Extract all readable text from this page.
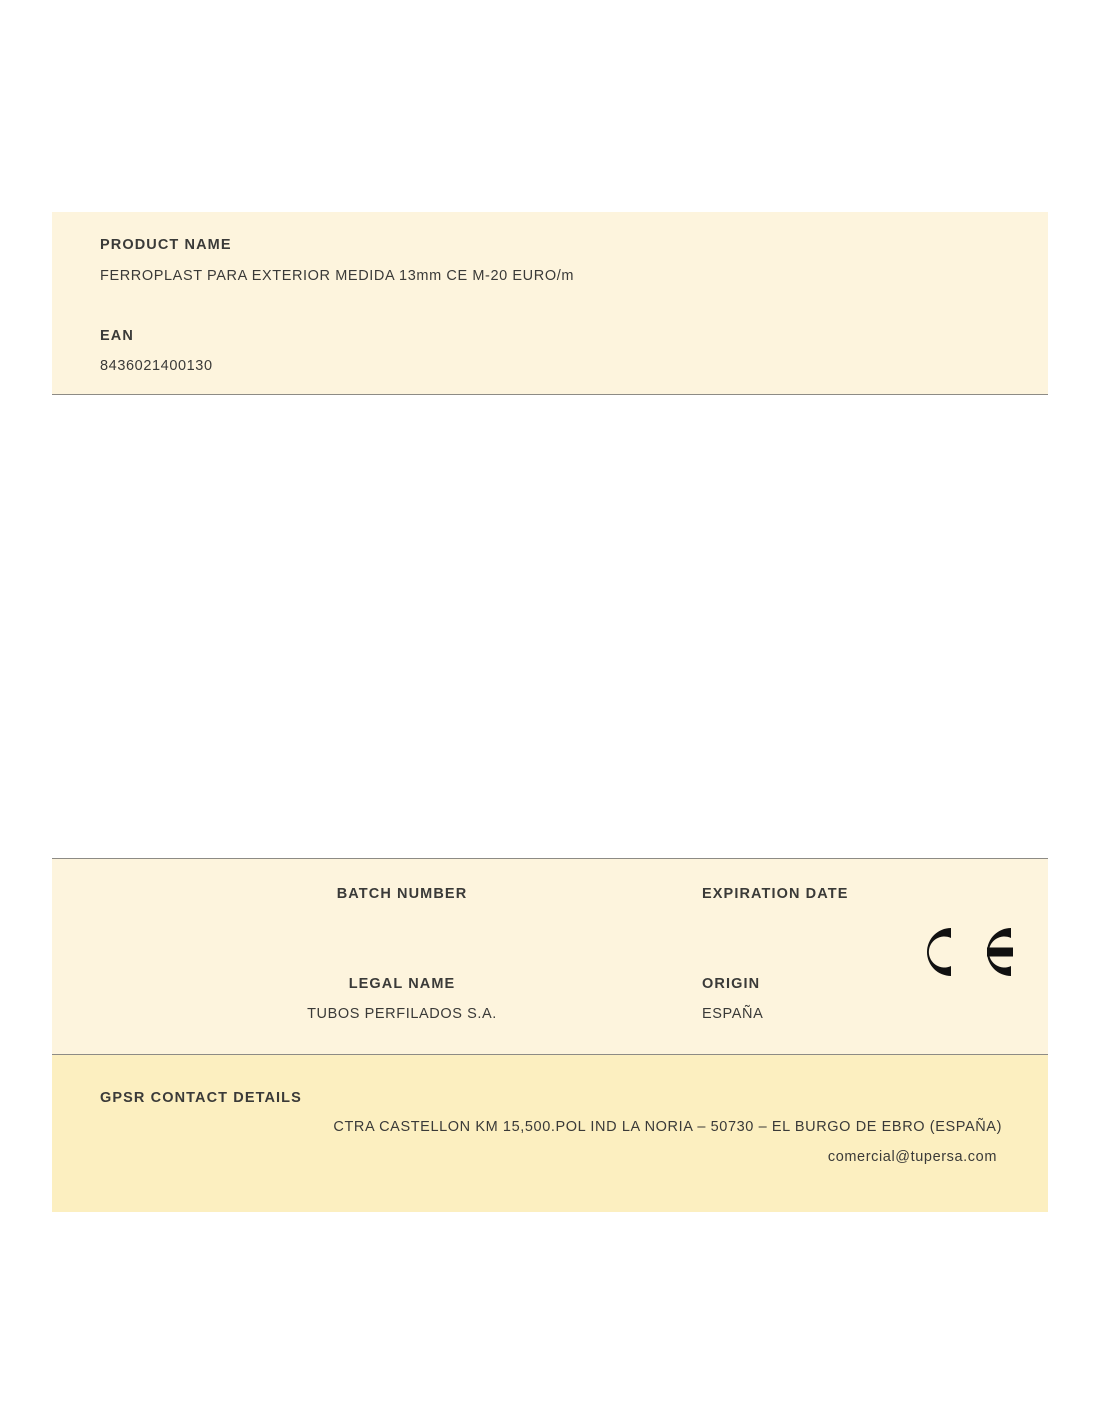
PRODUCT NAME
FERROPLAST PARA EXTERIOR MEDIDA 13mm CE M-20 EURO/m
EAN
8436021400130
BATCH NUMBER	EXPIRATION DATE
LEGAL NAME
TUBOS PERFILADOS S.A.
ORIGIN
ESPAÑA
GPSR CONTACT DETAILS
CTRA CASTELLON KM 15,500.POL IND LA NORIA – 50730 – EL BURGO DE EBRO (ESPAÑA)
comercial@tupersa.com
